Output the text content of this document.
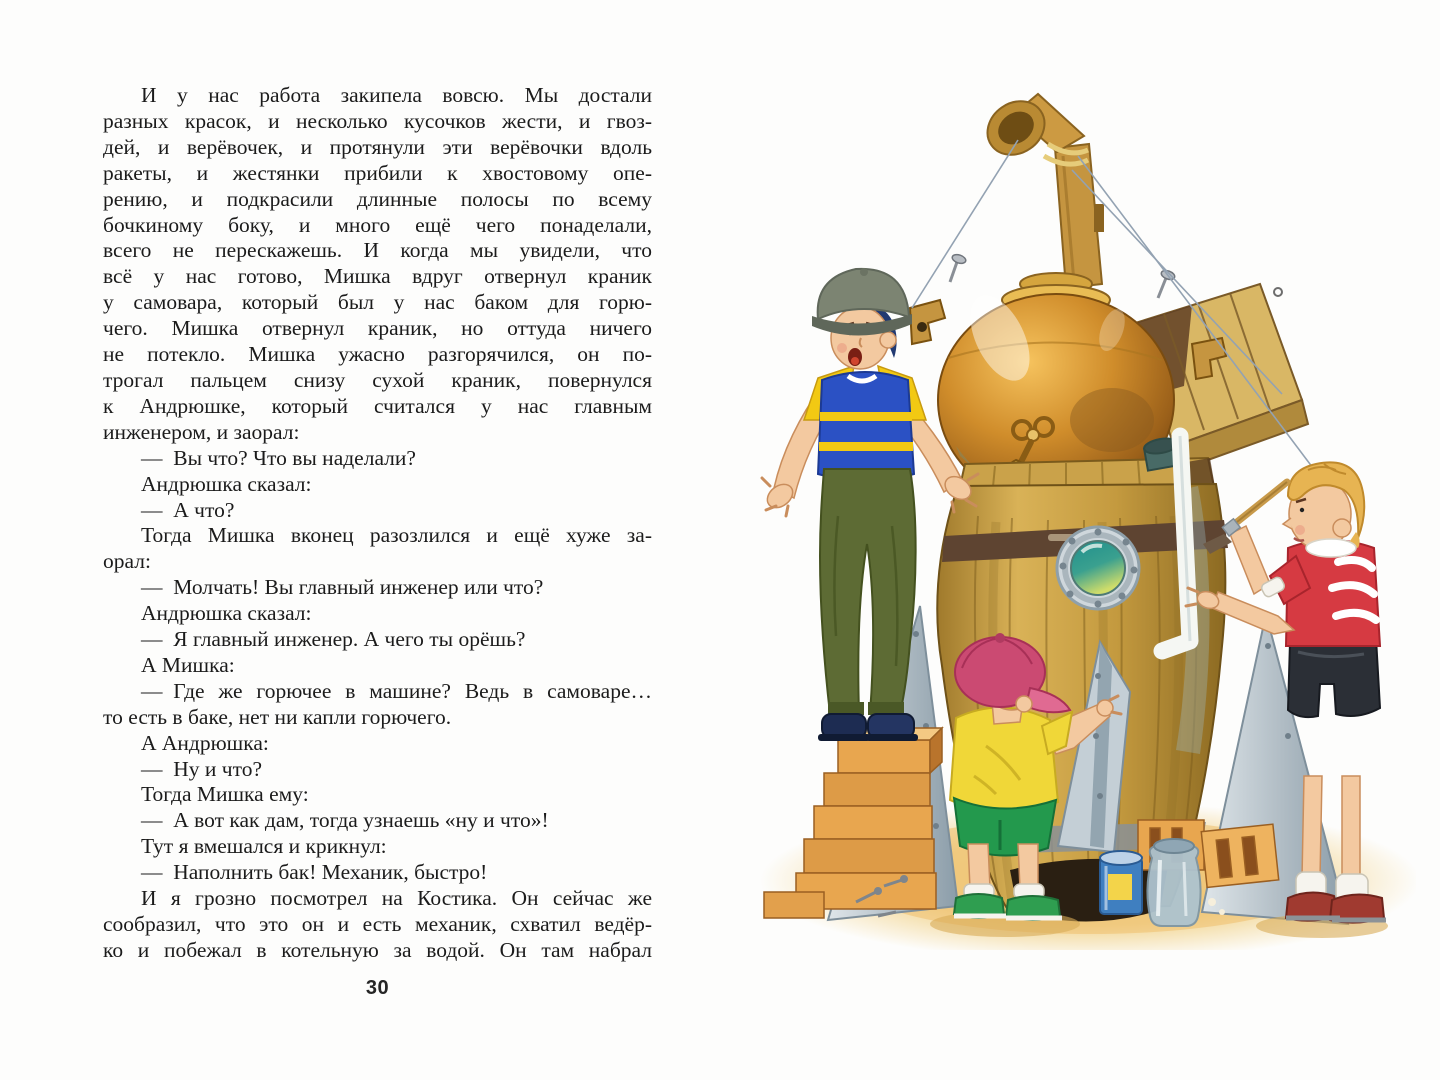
И у нас работа закипела вовсю. Мы достали
разных красок, и несколько кусочков жести, и гвоз-
дей, и верёвочек, и протянули эти верёвочки вдоль
ракеты, и жестянки прибили к хвостовому опе-
рению, и подкрасили длинные полосы по всему
бочкиному боку, и много ещё чего понаделали,
всего не перескажешь. И когда мы увидели, что
всё у нас готово, Мишка вдруг отвернул краник
у самовара, который был у нас баком для горю-
чего. Мишка отвернул краник, но оттуда ничего
не потекло. Мишка ужасно разгорячился, он по-
трогал пальцем снизу сухой краник, повернулся
к Андрюшке, который считался у нас главным
инженером, и заорал:
— Вы что? Что вы наделали?
Андрюшка сказал:
— А что?
Тогда Мишка вконец разозлился и ещё хуже за-
орал:
— Молчать! Вы главный инженер или что?
Андрюшка сказал:
— Я главный инженер. А чего ты орёшь?
А Мишка:
— Где же горючее в машине? Ведь в самоваре…
то есть в баке, нет ни капли горючего.
А Андрюшка:
— Ну и что?
Тогда Мишка ему:
— А вот как дам, тогда узнаешь «ну и что»!
Тут я вмешался и крикнул:
— Наполнить бак! Механик, быстро!
И я грозно посмотрел на Костика. Он сейчас же
сообразил, что это он и есть механик, схватил ведёр-
ко и побежал в котельную за водой. Он там набрал
30
